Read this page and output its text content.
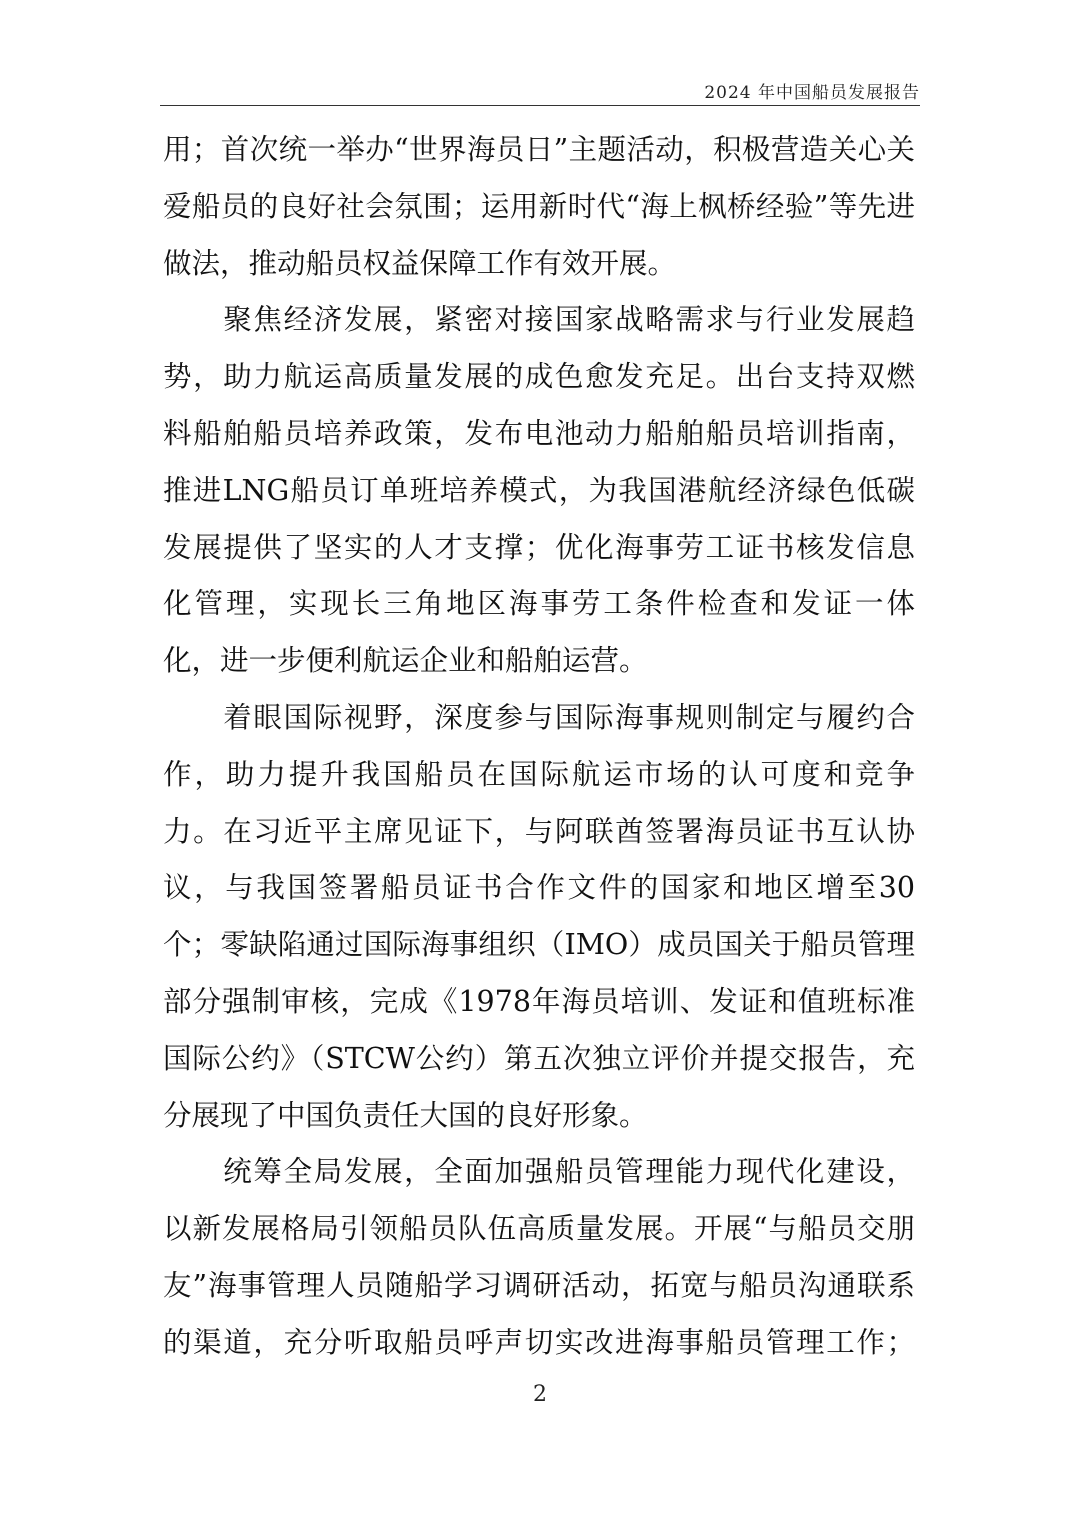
2024 年中国船员发展报告
用；首次统一举办“世界海员日”主题活动，积极营造关心关
爱船员的良好社会氛围；运用新时代“海上枫桥经验”等先进
做法，推动船员权益保障工作有效开展。
　　聚焦经济发展，紧密对接国家战略需求与行业发展趋
势，助力航运高质量发展的成色愈发充足。出台支持双燃
料船舶船员培养政策，发布电池动力船舶船员培训指南，
推进LNG船员订单班培养模式，为我国港航经济绿色低碳
发展提供了坚实的人才支撑；优化海事劳工证书核发信息
化管理，实现长三角地区海事劳工条件检查和发证一体
化，进一步便利航运企业和船舶运营。
　　着眼国际视野，深度参与国际海事规则制定与履约合
作，助力提升我国船员在国际航运市场的认可度和竞争
力。在习近平主席见证下，与阿联酋签署海员证书互认协
议，与我国签署船员证书合作文件的国家和地区增至30
个；零缺陷通过国际海事组织（IMO）成员国关于船员管理
部分强制审核，完成《1978年海员培训、发证和值班标准
国际公约》（STCW公约）第五次独立评价并提交报告，充
分展现了中国负责任大国的良好形象。
　　统筹全局发展，全面加强船员管理能力现代化建设，
以新发展格局引领船员队伍高质量发展。开展“与船员交朋
友”海事管理人员随船学习调研活动，拓宽与船员沟通联系
的渠道，充分听取船员呼声切实改进海事船员管理工作；
2
